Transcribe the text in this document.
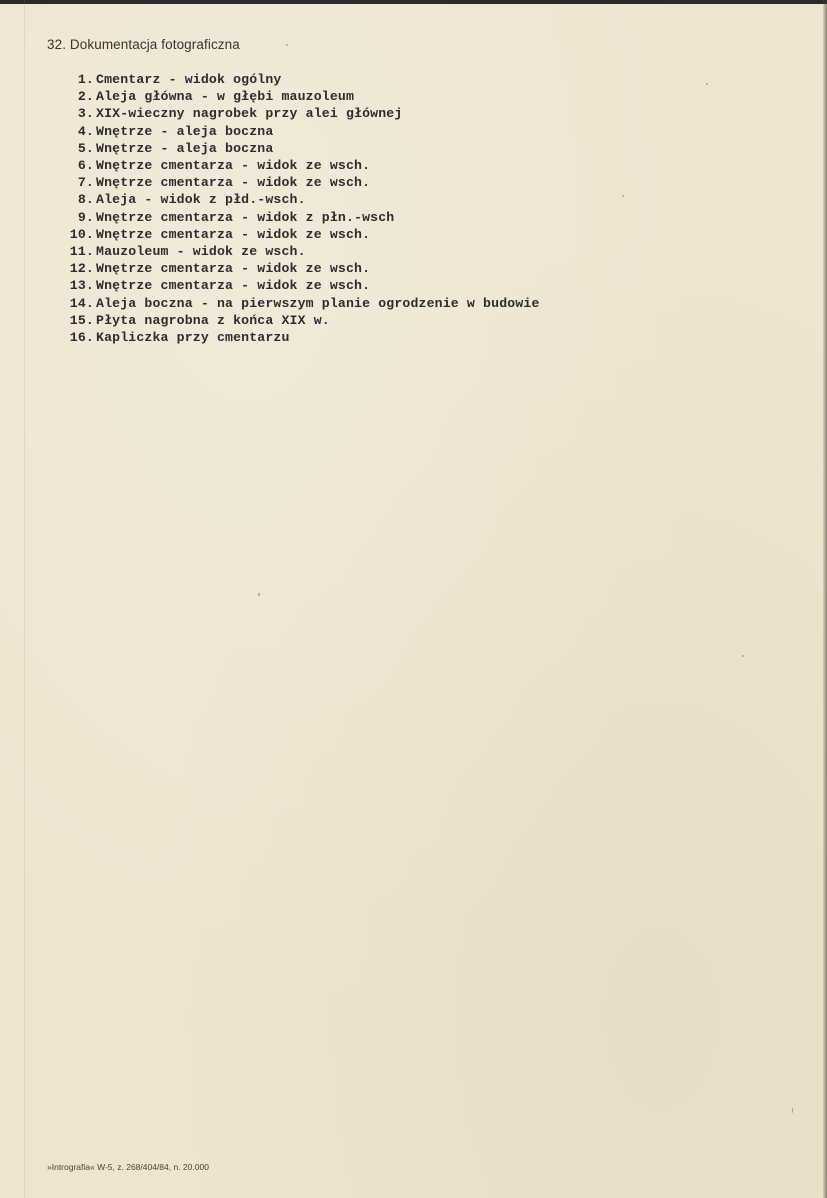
32. Dokumentacja fotograficzna
1. Cmentarz - widok ogólny
2. Aleja główna - w głębi mauzoleum
3. XIX-wieczny nagrobek przy alei głównej
4. Wnętrze - aleja boczna
5. Wnętrze - aleja boczna
6. Wnętrze cmentarza - widok ze wsch.
7. Wnętrze cmentarza - widok ze wsch.
8. Aleja - widok z płd.-wsch.
9. Wnętrze cmentarza - widok z płn.-wsch
10. Wnętrze cmentarza - widok ze wsch.
11. Mauzoleum - widok ze wsch.
12. Wnętrze cmentarza - widok ze wsch.
13. Wnętrze cmentarza - widok ze wsch.
14. Aleja boczna - na pierwszym planie ogrodzenie w budowie
15. Płyta nagrobna z końca XIX w.
16. Kapliczka przy cmentarzu
»Intrografia« W-5, z. 268/404/84, n. 20.000
